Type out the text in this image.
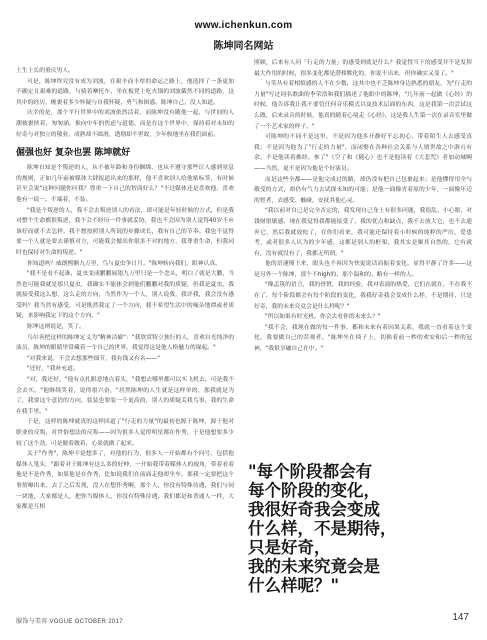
www.ichenkun.com
陈坤同名网站

土生土长的重庆男人。

可是，陈坤终究没有成为刘波，在艰辛而丰厚的命运之路上，他选择了一条更加不确定且艰难的道路，与骑着摩托车、坐在板凳上吃火锅的刘波截然不同的道路，这其中的经历，缠裹着多少怀疑与自我怀疑、勇气和困惑，陈坤自己，没人知道。

庆幸的是，那个平行世界中的刘波依然活着，而陈坤没有随他一起，与世间的人潮被裹挟着，匆匆涌，推向中年的焦虑与道德，而是在这个世界中，保持着对未知的好奇与对独立的敬业，成熟却不圆滑，透彻却不世故，少年般地坐在我们面前。

倔强也好 复杂也罢 陈坤就好

陈坤自知是个叛逆的人，从不被年龄和身份捆绑，也从不遵守那些让人感到窒息的规则，正如几年前被媒体大肆报道出来的那样，他不喜欢别人给他贴标签，有时候甚至会说"这种问题你问我？尊重一下自己的智商好么？"不过媒体还是喜欢他，喜欢他有一说一、不端着，不装。

"我是个叛逆的人，我不会去叛逆别人的看法，即可能是年轻时候的方式，但是我对整个生命都很叛逆，我不会不经历一件事就妥协，我也不会因为别人觉得40岁不应该好而就不去怎样，我不想按照别人所说的步骤成长，我有自己的节奏。我也不觉得要一个人就是要去谨慎对方，可能我会做出你很多不对的地方，我尊重生命，但我同时也保持对生命的叛逆。"

你知道吗？威朗熙额九万里，鸟与夏虫争日月。"陈坤转向我们，眼神认真。

"我不是看不起谁，夏虫变成鹏鹏展翅九万里只是一个念头，明白了就是大鹏，当然也可能我就是那只夏虫，我确实不能体会到他们鹏鹏对我的质疑，但我是夏虫，我就接受我这么想，这么走的方向，当然作为一个人，别人说我，我评我，我会没有感受吗？我当然有感受，可是既然我定了一个方向，我不希望生活中的噪杂地谭或者质疑，来影响我定下的这个方向。"

陈坤这则说是，笑了。

乌尔善把这样的陈坤定义为"精神洁癖"："我欣赏特立独行的人，喜欢自光纯净的演员，陈坤的眼睛里常藏着一个自己的世界，我觉得这是他人格魅力的缘起。"

"对我来说，不会去想那些细节，我有钱又有名——"

"还好，"我补充道。

"对，我还好，"他有点扎眼意地点着头，"我想去哪里都可以买飞机去，可是我不会去买。"他继续笑着，说得很兴奋，"居然陈坤的人生就是这样单的，那我就是为了，我要这个意语的方向，装装也要装一个更高的，别人的质疑关我鸟事，我的生命在我手里。"

于是，这样的陈坤就真的这样回道了"行走的力量"的最初也源于陈坤，源于他对职业的反叛，对世俗想法的反叛——因为很多人觉得明星都在作秀，于是他想要多少较了这个劲，可是做着做着，心果就做了起来。

关于"作秀"，陈坤不是想多了，对他的行为，很多人一开始都有个问号，包括他媒体人笔头，"跟着对于陈坤有这么多的好伸，一开始我带着媒体人的视角，带着看着他是不是作秀，如果他是在作秀，比如说我们在前面走他却坐车，那我一定要把这个事情曝出来，去了之后发现，没人在想作秀啊，那个人，你没有特殊待遇，我们与同一块地，大家都是人，把你当媒体人，你没有特殊待遇，我们都是和普通人一样，大家都是互相

照顾，后来有人问「行走的力量」的感受到底是什么？我觉得当下的感受并不是发挥最大作用的时候，很多变化都是潜移默化的，你说不出来，但你确实又变了。"

与笑丛有着相似感的人不在少数，这其中也不乏陈坤身边熟悉的朋友，为"行走的力量"写过同名歌曲的李荣浩和我们描述了他眼中的陈坤，"几年前一起做《心经》的时候，他告诉我让我不要管任何音乐模式以及技术层面的东西，这是我第一次尝试这么做，后来录音的时候，他真的随着心境走《心经》，这是我人生第一次在录音室里做了一个艺术家的样子。"

可陈坤的不同不是这里，不是因为他多开静好不忘初心，带着陌生人去感受真我；不是因为他为了"行走的力量"，而闭娶在各种社会关系与人情世故之中游刃有余，不是他读着佛经、参了"《空了和《随心》也不是他读着《大悲咒》者加动城啊——当然，更不是因为他是个好演员。

而是这些全都——是他完成过的路，却仍没有把自己包裹起来；是他懂得用全与敬受的方式，却仍有气力去试探未知的可能；是他一面像青着原的少年，一面像年迈的智者，去感受、触碰，安抚其他心灵。

"我以前对自己是完全否定的，我发现自己身上有很多问题，我很乱、小心眼，对钱财很敏感，现在我觉得我都能接受了，我的优点和缺点，我不去放大它，也不去遗弃它，然后我就放松了，在你们看来，我可能还保持着小时候的纯粹的严厉，爱患考，或者很多人认为的少年感，这都是别人的框架，我其实是顺其自然的，它有就有，没有就没有了，我都无所谓。"

他的语速慢下来，眼头也不再因为快更说话而振着变化，显得平静了许多——这是另外一个陈坤，那个不high的、那个温和的、略有一样的人。

"像孟筑的语言，我的骨镫，我的经验，我对表演的热爱，它们在就在，不在我不在了，每个阶段都会有每个阶段的变化，我我好奇我会变成什么样，不是期待，只是好奇，我的未来究竟会是什么样呢？"

"所以如果有时光机，你会去看你的未来么？"

"我不会，我现在做的每一件事，都和未来有着因果关系，我就一直看着这个变化，我要做自己的荧观者。"陈坤坐在椅子上，切换着前一秒的欢安和后一秒的冠神，"我很享融自己在中。"

"每个阶段都会有
每个阶段的变化，
我很好奇我会变成
什么样，不是期待，
只是好奇，
我的未来究竟会是
什么样呢？"
服饰与美容 VOGUE OCTOBER 2017	147
